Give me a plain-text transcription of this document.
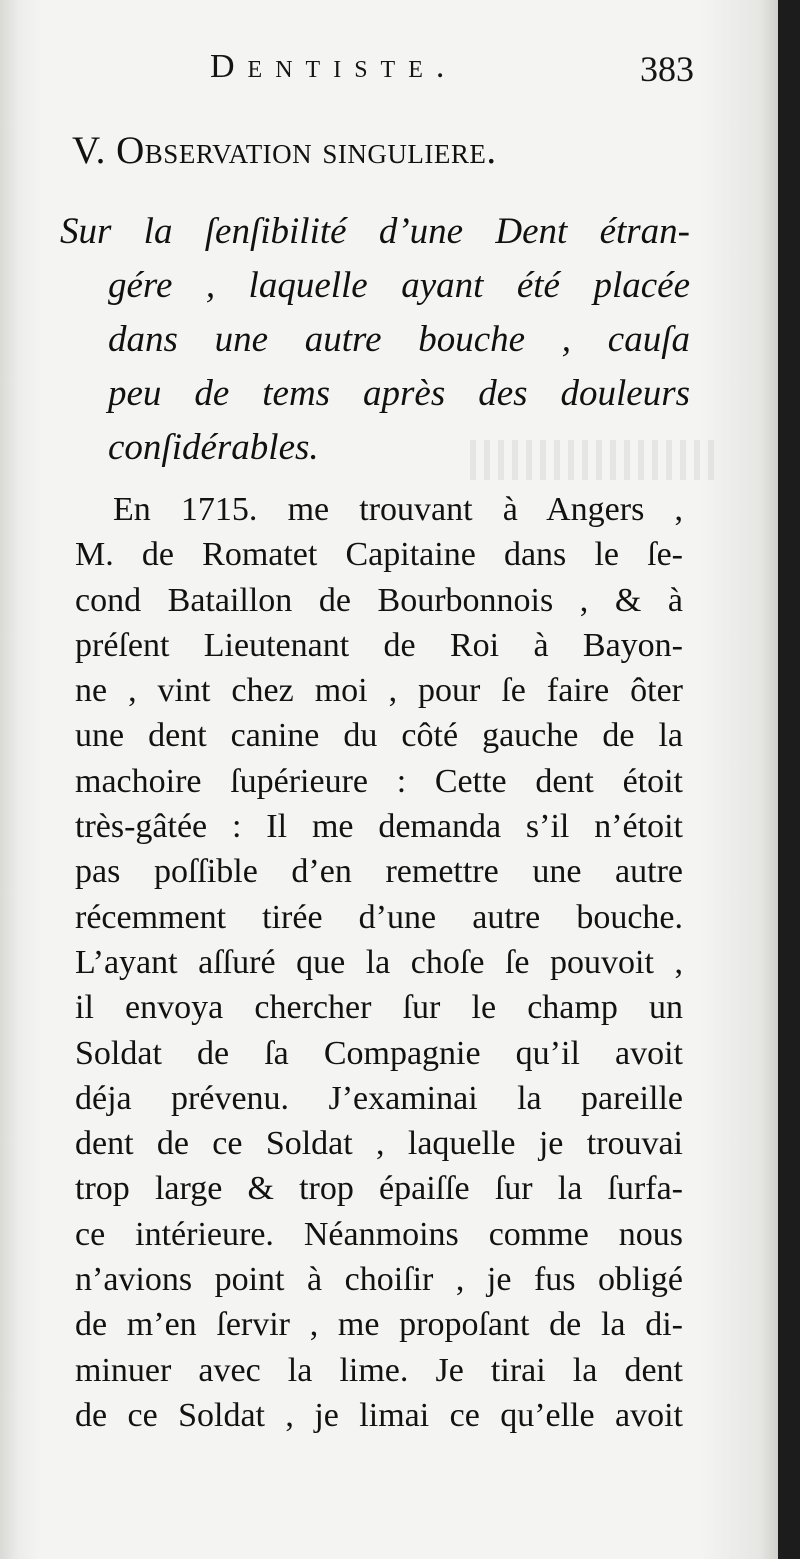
Dentiste.	383
V. Observation singuliere.
Sur la ſenſibilité d’une Dent étran-
gére , laquelle ayant été placée
dans une autre bouche , cauſa
peu de tems après des douleurs
conſidérables.
En 1715. me trouvant à Angers ,
M. de Romatet Capitaine dans le ſe-
cond Bataillon de Bourbonnois , & à
préſent Lieutenant de Roi à Bayon-
ne , vint chez moi , pour ſe faire ôter
une dent canine du côté gauche de la
machoire ſupérieure : Cette dent étoit
très-gâtée : Il me demanda s’il n’étoit
pas poſſible d’en remettre une autre
récemment tirée d’une autre bouche.
L’ayant aſſuré que la choſe ſe pouvoit ,
il envoya chercher ſur le champ un
Soldat de ſa Compagnie qu’il avoit
déja prévenu. J’examinai la pareille
dent de ce Soldat , laquelle je trouvai
trop large & trop épaiſſe ſur la ſurfa-
ce intérieure. Néanmoins comme nous
n’avions point à choiſir , je fus obligé
de m’en ſervir , me propoſant de la di-
minuer avec la lime. Je tirai la dent
de ce Soldat , je limai ce qu’elle avoit
